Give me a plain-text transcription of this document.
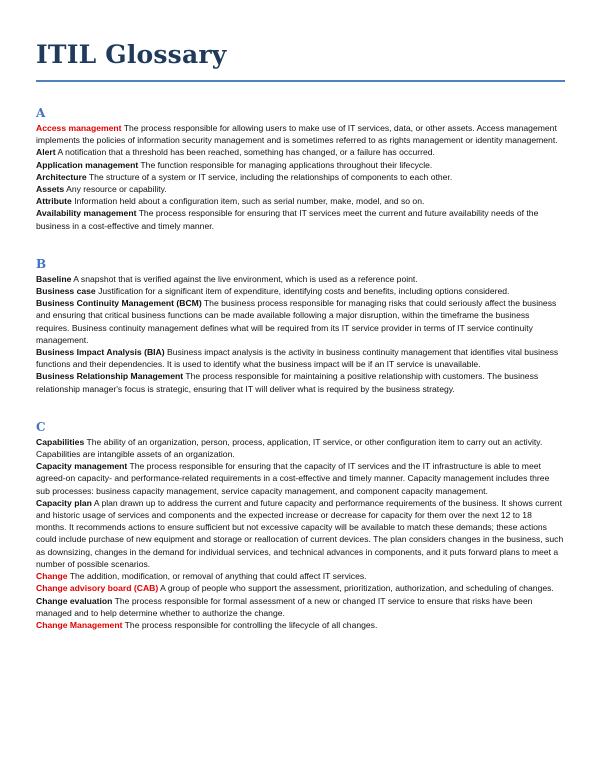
ITIL Glossary
A

Access management The process responsible for allowing users to make use of IT services, data, or other assets. Access management implements the policies of information security management and is sometimes referred to as rights management or identity management.

Alert A notification that a threshold has been reached, something has changed, or a failure has occurred.

Application management The function responsible for managing applications throughout their lifecycle.

Architecture The structure of a system or IT service, including the relationships of components to each other.

Assets Any resource or capability.

Attribute Information held about a configuration item, such as serial number, make, model, and so on.

Availability management The process responsible for ensuring that IT services meet the current and future availability needs of the business in a cost-effective and timely manner.

B

Baseline A snapshot that is verified against the live environment, which is used as a reference point.

Business case Justification for a significant item of expenditure, identifying costs and benefits, including options considered.

Business Continuity Management (BCM) The business process responsible for managing risks that could seriously affect the business and ensuring that critical business functions can be made available following a major disruption, within the timeframe the business requires. Business continuity management defines what will be required from its IT service provider in terms of IT service continuity management.

Business Impact Analysis (BIA) Business impact analysis is the activity in business continuity management that identifies vital business functions and their dependencies. It is used to identify what the business impact will be if an IT service is unavailable.

Business Relationship Management The process responsible for maintaining a positive relationship with customers. The business relationship manager's focus is strategic, ensuring that IT will deliver what is required by the business strategy.

C

Capabilities The ability of an organization, person, process, application, IT service, or other configuration item to carry out an activity. Capabilities are intangible assets of an organization.

Capacity management The process responsible for ensuring that the capacity of IT services and the IT infrastructure is able to meet agreed-on capacity- and performance-related requirements in a cost-effective and timely manner. Capacity management includes three sub processes: business capacity management, service capacity management, and component capacity management.

Capacity plan A plan drawn up to address the current and future capacity and performance requirements of the business. It shows current and historic usage of services and components and the expected increase or decrease for capacity for them over the next 12 to 18 months. It recommends actions to ensure sufficient but not excessive capacity will be available to match these demands; these actions could include purchase of new equipment and storage or reallocation of current devices. The plan considers changes in the business, such as downsizing, changes in the demand for individual services, and technical advances in components, and it puts forward plans to meet a number of possible scenarios.

Change The addition, modification, or removal of anything that could affect IT services.

Change advisory board (CAB) A group of people who support the assessment, prioritization, authorization, and scheduling of changes.

Change evaluation The process responsible for formal assessment of a new or changed IT service to ensure that risks have been managed and to help determine whether to authorize the change.

Change Management The process responsible for controlling the lifecycle of all changes.
